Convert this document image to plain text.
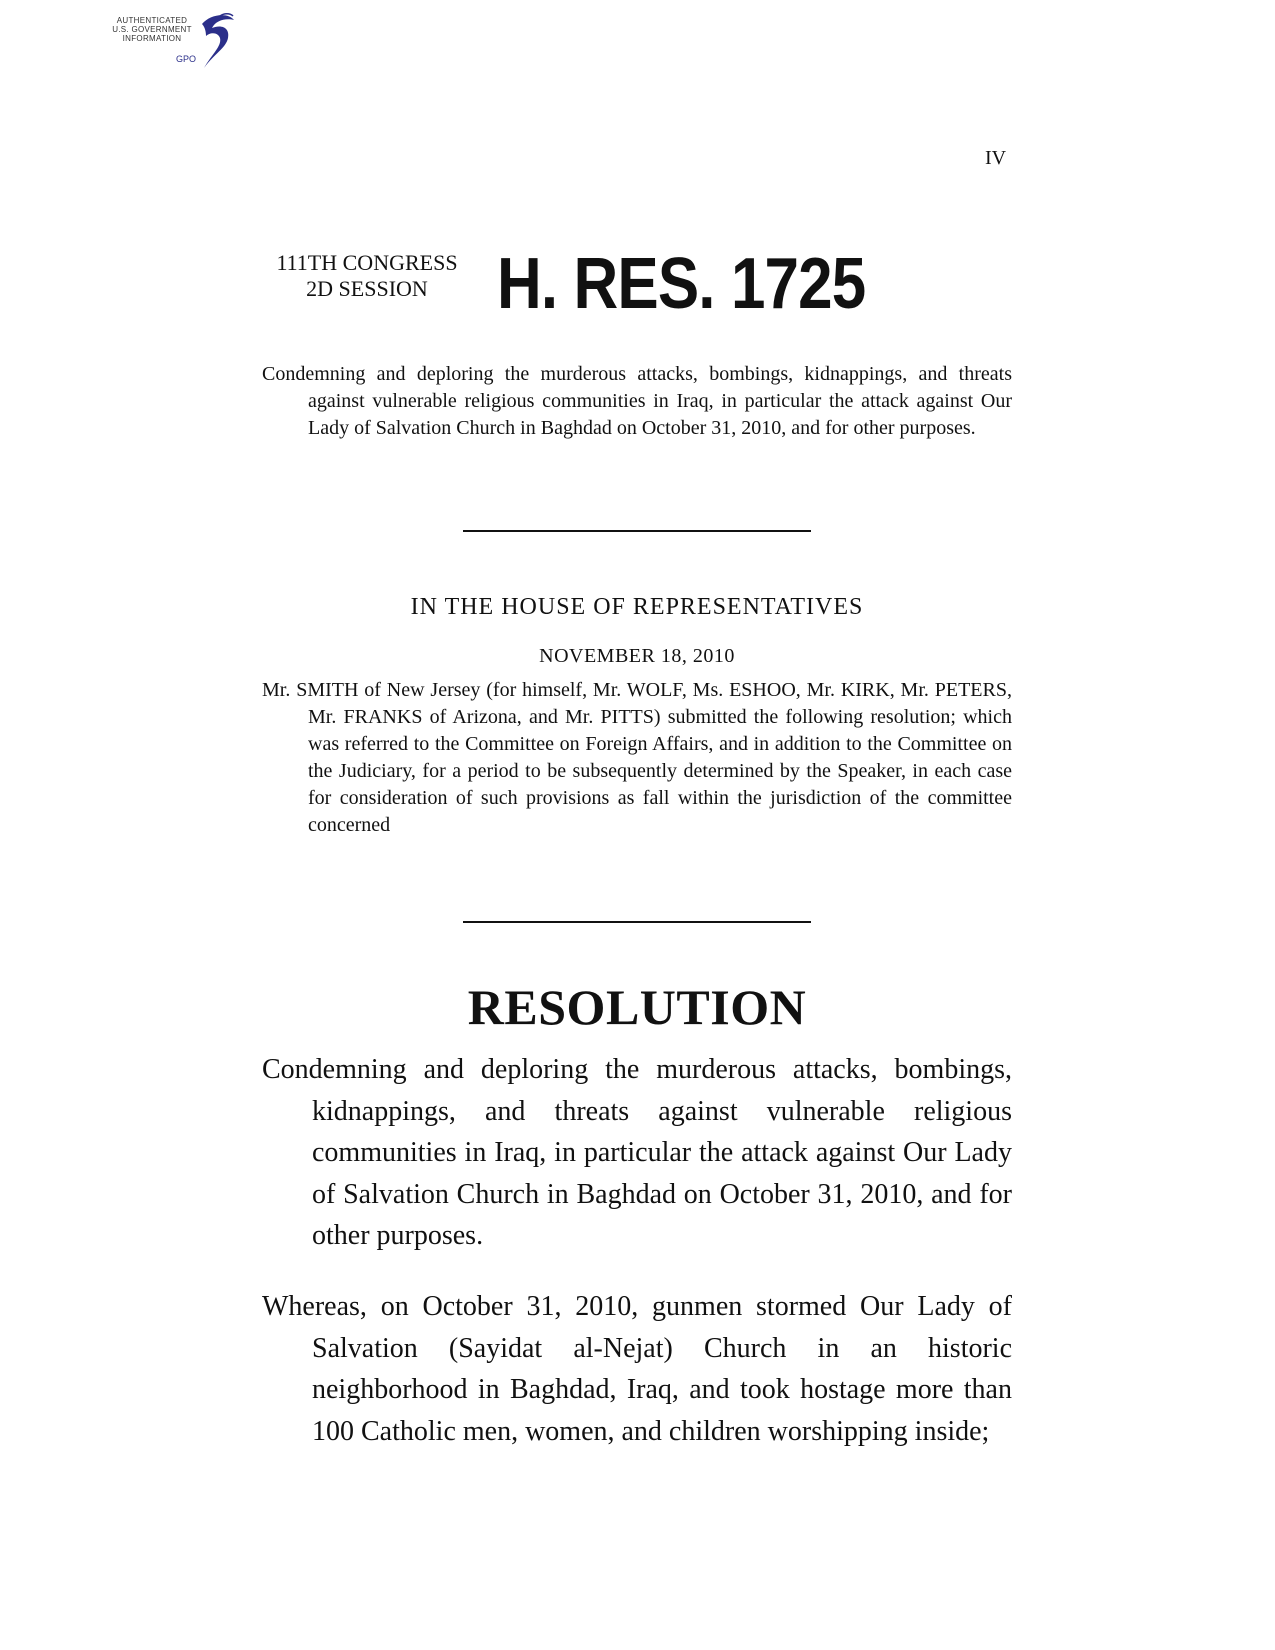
AUTHENTICATED
U.S. GOVERNMENT
INFORMATION
GPO
IV
111TH CONGRESS
2D SESSION H. RES. 1725
Condemning and deploring the murderous attacks, bombings, kidnappings, and threats against vulnerable religious communities in Iraq, in particular the attack against Our Lady of Salvation Church in Baghdad on October 31, 2010, and for other purposes.
IN THE HOUSE OF REPRESENTATIVES
NOVEMBER 18, 2010
Mr. SMITH of New Jersey (for himself, Mr. WOLF, Ms. ESHOO, Mr. KIRK, Mr. PETERS, Mr. FRANKS of Arizona, and Mr. PITTS) submitted the following resolution; which was referred to the Committee on Foreign Affairs, and in addition to the Committee on the Judiciary, for a period to be subsequently determined by the Speaker, in each case for consideration of such provisions as fall within the jurisdiction of the committee concerned
RESOLUTION
Condemning and deploring the murderous attacks, bombings, kidnappings, and threats against vulnerable religious communities in Iraq, in particular the attack against Our Lady of Salvation Church in Baghdad on October 31, 2010, and for other purposes.
Whereas, on October 31, 2010, gunmen stormed Our Lady of Salvation (Sayidat al-Nejat) Church in an historic neighborhood in Baghdad, Iraq, and took hostage more than 100 Catholic men, women, and children worshipping inside;
